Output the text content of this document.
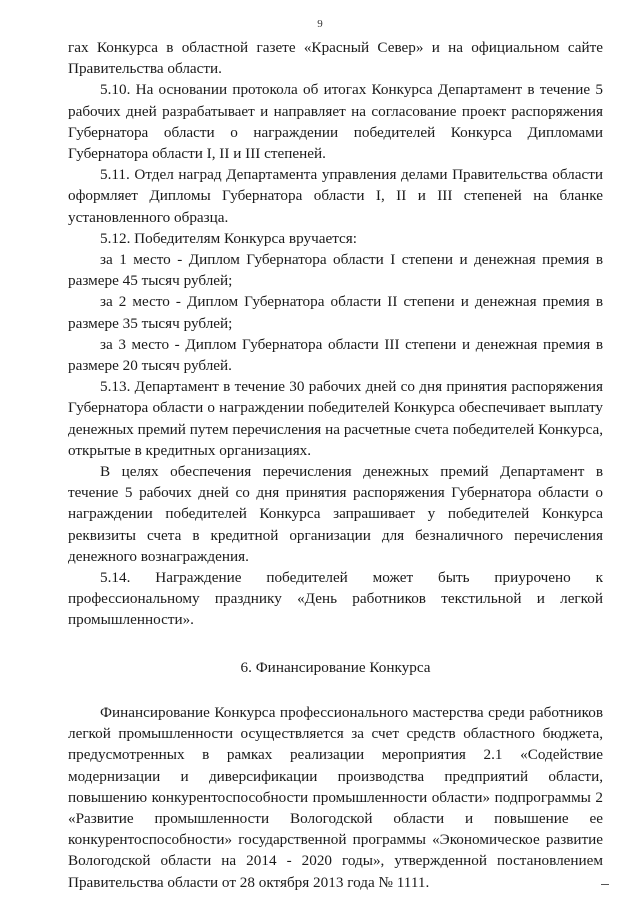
9

гах Конкурса в областной газете «Красный Север» и на официальном сайте Правительства области.

5.10. На основании протокола об итогах Конкурса Департамент в течение 5 рабочих дней разрабатывает и направляет на согласование проект распоряжения Губернатора области о награждении победителей Конкурса Дипломами Губернатора области I, II и III степеней.

5.11. Отдел наград Департамента управления делами Правительства области оформляет Дипломы Губернатора области I, II и III степеней на бланке установленного образца.

5.12. Победителям Конкурса вручается:

за 1 место - Диплом Губернатора области I степени и денежная премия в размере 45 тысяч рублей;

за 2 место - Диплом Губернатора области II степени и денежная премия в размере 35 тысяч рублей;

за 3 место - Диплом Губернатора области III степени и денежная премия в размере 20 тысяч рублей.

5.13. Департамент в течение 30 рабочих дней со дня принятия распоряжения Губернатора области о награждении победителей Конкурса обеспечивает выплату денежных премий путем перечисления на расчетные счета победителей Конкурса, открытые в кредитных организациях.

В целях обеспечения перечисления денежных премий Департамент в течение 5 рабочих дней со дня принятия распоряжения Губернатора области о награждении победителей Конкурса запрашивает у победителей Конкурса реквизиты счета в кредитной организации для безналичного перечисления денежного вознаграждения.

5.14. Награждение победителей может быть приурочено к профессиональному празднику «День работников текстильной и легкой промышленности».

6. Финансирование Конкурса

Финансирование Конкурса профессионального мастерства среди работников легкой промышленности осуществляется за счет средств областного бюджета, предусмотренных в рамках реализации мероприятия 2.1 «Содействие модернизации и диверсификации производства предприятий области, повышению конкурентоспособности промышленности области» подпрограммы 2 «Развитие промышленности Вологодской области и повышение ее конкурентоспособности» государственной программы «Экономическое развитие Вологодской области на 2014 - 2020 годы», утвержденной постановлением Правительства области от 28 октября 2013 года № 1111.
